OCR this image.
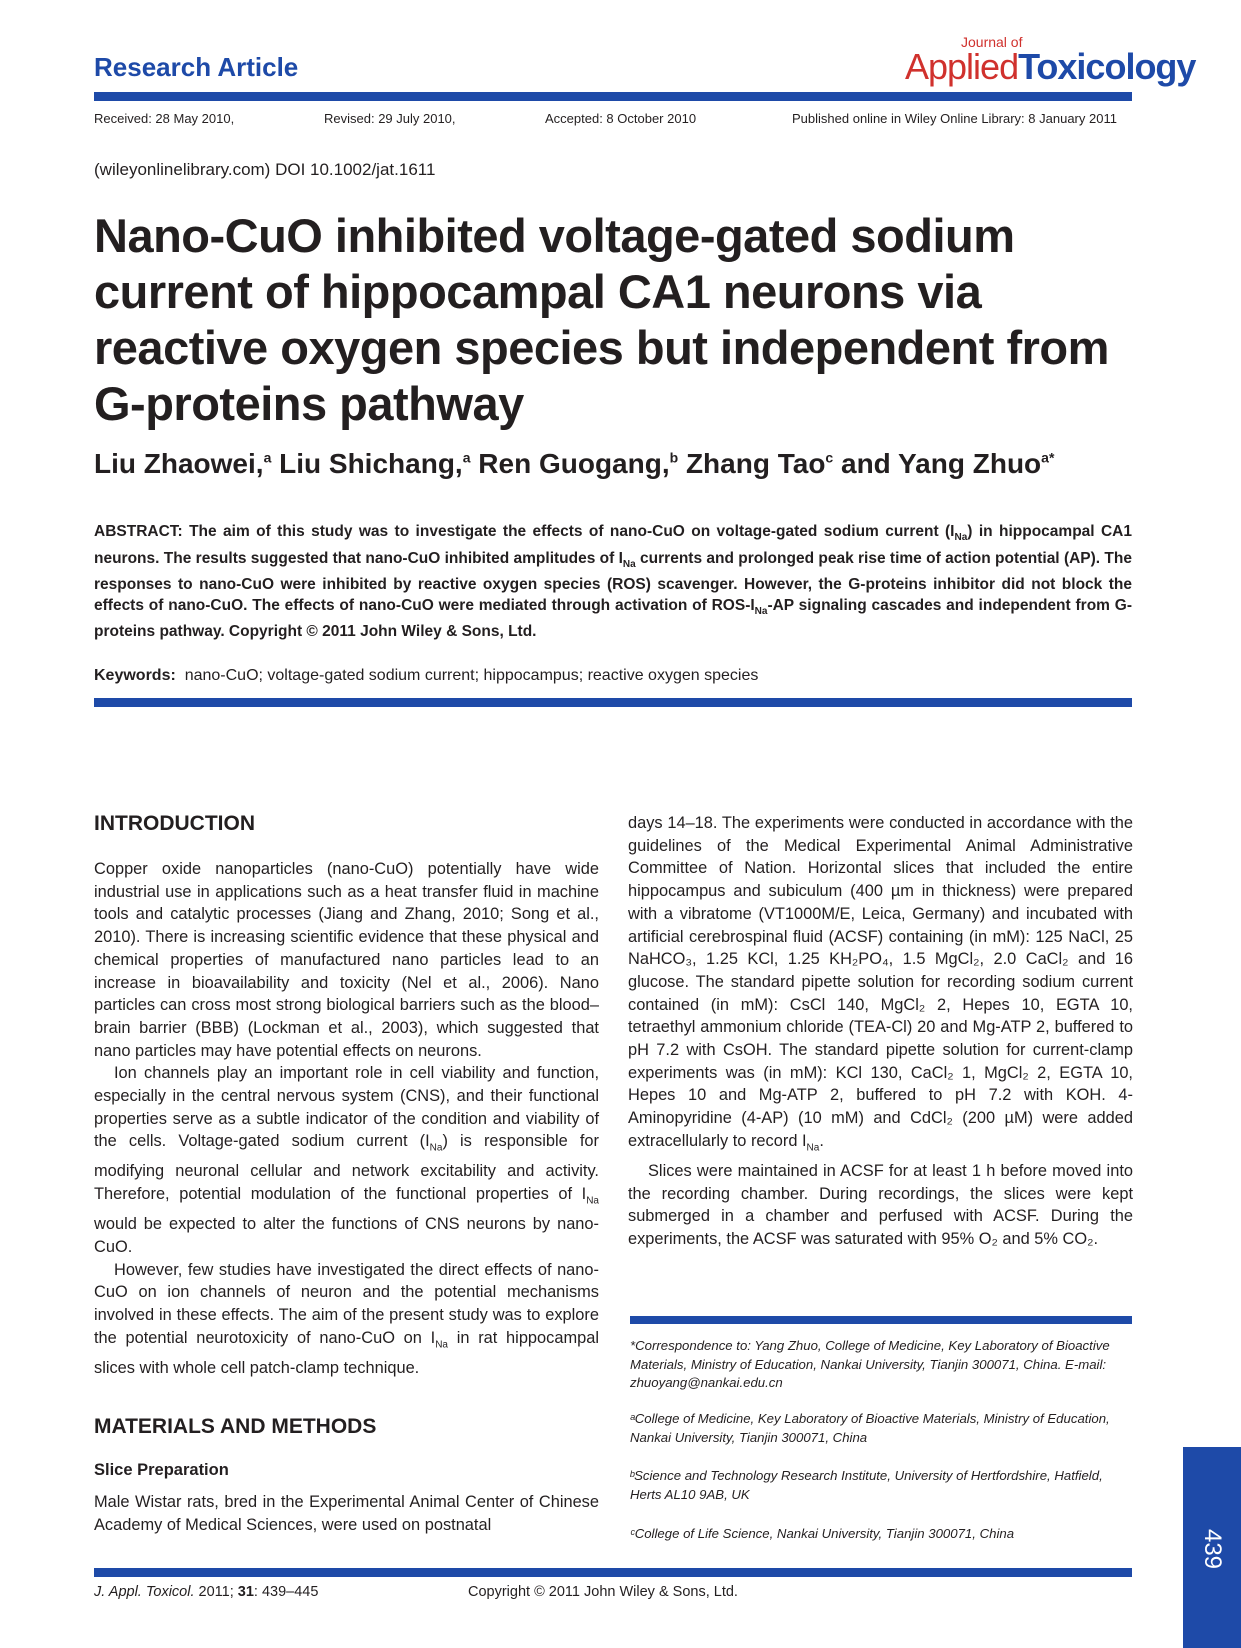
Research Article
Journal of
AppliedToxicology
Received: 28 May 2010,	Revised: 29 July 2010,	Accepted: 8 October 2010	Published online in Wiley Online Library: 8 January 2011
(wileyonlinelibrary.com) DOI 10.1002/jat.1611
Nano-CuO inhibited voltage-gated sodium current of hippocampal CA1 neurons via reactive oxygen species but independent from G-proteins pathway
Liu Zhaowei,$^a$ Liu Shichang,$^a$ Ren Guogang,$^b$ Zhang Tao$^c$ and Yang Zhuo$^{a*}$
ABSTRACT: The aim of this study was to investigate the effects of nano-CuO on voltage-gated sodium current $(I_{Na})$ in hippocampal CA1 neurons. The results suggested that nano-CuO inhibited amplitudes of $I_{Na}$ currents and prolonged peak rise time of action potential (AP). The responses to nano-CuO were inhibited by reactive oxygen species (ROS) scavenger. However, the G-proteins inhibitor did not block the effects of nano-CuO. The effects of nano-CuO were mediated through activation of ROS-$I_{Na}-AP$ signaling cascades and independent from G-proteins pathway. Copyright © 2011 John Wiley & Sons, Ltd.
Keywords: nano-CuO; voltage-gated sodium current; hippocampus; reactive oxygen species
INTRODUCTION

Copper oxide nanoparticles (nano-CuO) potentially have wide industrial use in applications such as a heat transfer fluid in machine tools and catalytic processes (Jiang and Zhang, 2010; Song et al., 2010). There is increasing scientific evidence that these physical and chemical properties of manufactured nano particles lead to an increase in bioavailability and toxicity (Nel et al., 2006). Nano particles can cross most strong biological barriers such as the blood–brain barrier (BBB) (Lockman et al., 2003), which suggested that nano particles may have potential effects on neurons.

Ion channels play an important role in cell viability and function, especially in the central nervous system (CNS), and their functional properties serve as a subtle indicator of the condition and viability of the cells. Voltage-gated sodium current $(I_{Na})$ is responsible for modifying neuronal cellular and network excitability and activity. Therefore, potential modulation of the functional properties of $I_{Na}$ would be expected to alter the functions of CNS neurons by nano-CuO.

However, few studies have investigated the direct effects of nano-CuO on ion channels of neuron and the potential mechanisms involved in these effects. The aim of the present study was to explore the potential neurotoxicity of nano-CuO on $I_{Na}$ in rat hippocampal slices with whole cell patch-clamp technique.

MATERIALS AND METHODS
Slice Preparation
Male Wistar rats, bred in the Experimental Animal Center of Chinese Academy of Medical Sciences, were used on postnatal

days 14–18. The experiments were conducted in accordance with the guidelines of the Medical Experimental Animal Administrative Committee of Nation. Horizontal slices that included the entire hippocampus and subiculum (400 µm in thickness) were prepared with a vibratome (VT1000M/E, Leica, Germany) and incubated with artificial cerebrospinal fluid (ACSF) containing (in mM): 125 NaCl, 25 NaHCO₃, 1.25 KCl, 1.25 KH₂PO₄, 1.5 MgCl₂, 2.0 CaCl₂ and 16 glucose. The standard pipette solution for recording sodium current contained (in mM): CsCl 140, MgCl₂ 2, Hepes 10, EGTA 10, tetraethyl ammonium chloride (TEA-Cl) 20 and Mg-ATP 2, buffered to pH 7.2 with CsOH. The standard pipette solution for current-clamp experiments was (in mM): KCl 130, CaCl₂ 1, MgCl₂ 2, EGTA 10, Hepes 10 and Mg-ATP 2, buffered to pH 7.2 with KOH. 4-Aminopyridine (4-AP) (10 mM) and CdCl₂ (200 µM) were added extracellularly to record $I_{Na}$.

Slices were maintained in ACSF for at least 1 h before moved into the recording chamber. During recordings, the slices were kept submerged in a chamber and perfused with ACSF. During the experiments, the ACSF was saturated with 95% O₂ and 5% CO₂.

*Correspondence to: Yang Zhuo, College of Medicine, Key Laboratory of Bioactive Materials, Ministry of Education, Nankai University, Tianjin 300071, China. E-mail: zhuoyang@nankai.edu.cn
ᵃCollege of Medicine, Key Laboratory of Bioactive Materials, Ministry of Education, Nankai University, Tianjin 300071, China
ᵇScience and Technology Research Institute, University of Hertfordshire, Hatfield, Herts AL10 9AB, UK
ᶜCollege of Life Science, Nankai University, Tianjin 300071, China	439
J. Appl. Toxicol. 2011; 31: 439–445	Copyright © 2011 John Wiley & Sons, Ltd.
